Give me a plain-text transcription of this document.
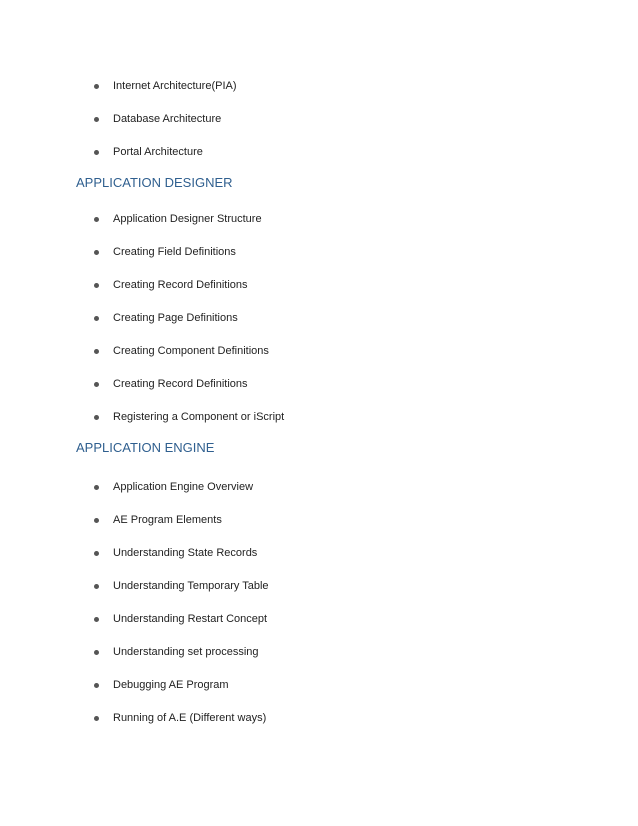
Internet Architecture(PIA)
Database Architecture
Portal Architecture
APPLICATION DESIGNER
Application Designer Structure
Creating Field Definitions
Creating Record Definitions
Creating Page Definitions
Creating Component Definitions
Creating Record Definitions
Registering a Component or iScript
APPLICATION ENGINE
Application Engine Overview
AE Program Elements
Understanding State Records
Understanding Temporary Table
Understanding Restart Concept
Understanding set processing
Debugging AE Program
Running of A.E (Different ways)
